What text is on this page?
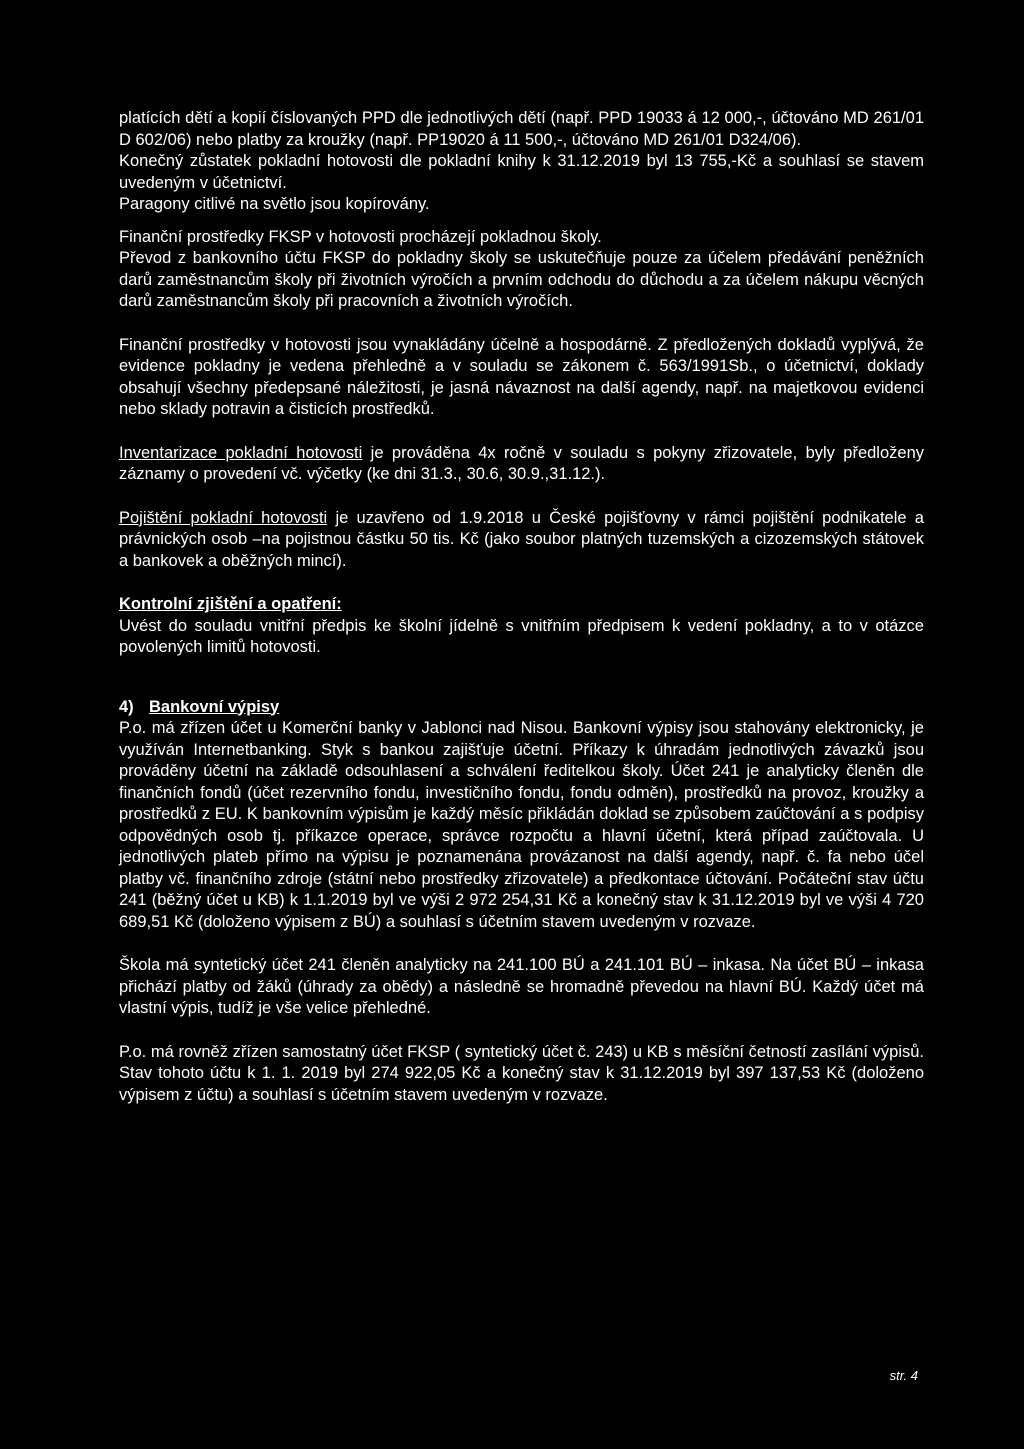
platících dětí a kopií číslovaných PPD dle jednotlivých dětí (např. PPD 19033 á 12 000,-, účtováno MD 261/01 D 602/06) nebo platby za kroužky (např. PP19020 á 11 500,-, účtováno MD 261/01 D324/06).

Konečný zůstatek pokladní hotovosti dle pokladní knihy k 31.12.2019 byl 13 755,-Kč a souhlasí se stavem uvedeným v účetnictví.

Paragony citlivé na světlo jsou kopírovány.

Finanční prostředky FKSP v hotovosti procházejí pokladnou školy.

Převod z bankovního účtu FKSP do pokladny školy se uskutečňuje pouze za účelem předávání peněžních darů zaměstnancům školy při životních výročích a prvním odchodu do důchodu a za účelem nákupu věcných darů zaměstnancům školy při pracovních a životních výročích.

Finanční prostředky v hotovosti jsou vynakládány účelně a hospodárně. Z předložených dokladů vyplývá, že evidence pokladny je vedena přehledně a v souladu se zákonem č. 563/1991Sb., o účetnictví, doklady obsahují všechny předepsané náležitosti, je jasná návaznost na další agendy, např. na majetkovou evidenci nebo sklady potravin a čisticích prostředků.

Inventarizace pokladní hotovosti je prováděna 4x ročně v souladu s pokyny zřizovatele, byly předloženy záznamy o provedení vč. výčetky (ke dni 31.3., 30.6, 30.9.,31.12.).

Pojištění pokladní hotovosti je uzavřeno od 1.9.2018 u České pojišťovny v rámci pojištění podnikatele a právnických osob –na pojistnou částku 50 tis. Kč (jako soubor platných tuzemských a cizozemských státovek a bankovek a oběžných mincí).

Kontrolní zjištění a opatření:

Uvést do souladu vnitřní předpis ke školní jídelně s vnitřním předpisem k vedení pokladny, a to v otázce povolených limitů hotovosti.

4) Bankovní výpisy

P.o. má zřízen účet u Komerční banky v Jablonci nad Nisou. Bankovní výpisy jsou stahovány elektronicky, je využíván Internetbanking. Styk s bankou zajišťuje účetní. Příkazy k úhradám jednotlivých závazků jsou prováděny účetní na základě odsouhlasení a schválení ředitelkou školy. Účet 241 je analyticky členěn dle finančních fondů (účet rezervního fondu, investičního fondu, fondu odměn), prostředků na provoz, kroužky a prostředků z EU. K bankovním výpisům je každý měsíc přikládán doklad se způsobem zaúčtování a s podpisy odpovědných osob tj. příkazce operace, správce rozpočtu a hlavní účetní, která případ zaúčtovala. U jednotlivých plateb přímo na výpisu je poznamenána provázanost na další agendy, např. č. fa nebo účel platby vč. finančního zdroje (státní nebo prostředky zřizovatele) a předkontace účtování. Počáteční stav účtu 241 (běžný účet u KB) k 1.1.2019 byl ve výši 2 972 254,31 Kč a konečný stav k 31.12.2019 byl ve výši 4 720 689,51 Kč (doloženo výpisem z BÚ) a souhlasí s účetním stavem uvedeným v rozvaze.

Škola má syntetický účet 241 členěn analyticky na 241.100 BÚ a 241.101 BÚ – inkasa. Na účet BÚ – inkasa přichází platby od žáků (úhrady za obědy) a následně se hromadně převedou na hlavní BÚ. Každý účet má vlastní výpis, tudíž je vše velice přehledné.

P.o. má rovněž zřízen samostatný účet FKSP ( syntetický účet č. 243) u KB s měsíční četností zasílání výpisů. Stav tohoto účtu k 1. 1. 2019 byl 274 922,05 Kč a konečný stav k 31.12.2019 byl 397 137,53 Kč (doloženo výpisem z účtu) a souhlasí s účetním stavem uvedeným v rozvaze.

str. 4
